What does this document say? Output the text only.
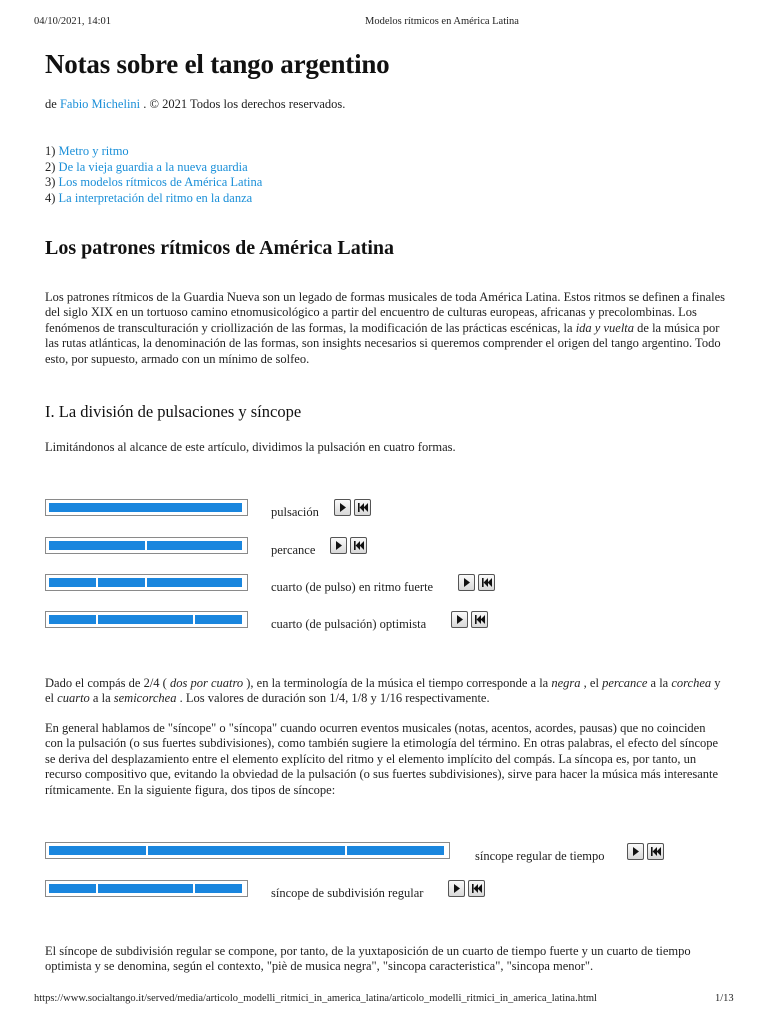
04/10/2021, 14:01	Modelos rítmicos en América Latina
Notas sobre el tango argentino
de Fabio Michelini . © 2021 Todos los derechos reservados.
1) Metro y ritmo
2) De la vieja guardia a la nueva guardia
3) Los modelos rítmicos de América Latina
4) La interpretación del ritmo en la danza
Los patrones rítmicos de América Latina
Los patrones rítmicos de la Guardia Nueva son un legado de formas musicales de toda América Latina. Estos ritmos se definen a finales del siglo XIX en un tortuoso camino etnomusicológico a partir del encuentro de culturas europeas, africanas y precolombinas. Los fenómenos de transculturación y criollización de las formas, la modificación de las prácticas escénicas, la ida y vuelta de la música por las rutas atlánticas, la denominación de las formas, son insights necesarios si queremos comprender el origen del tango argentino. Todo esto, por supuesto, armado con un mínimo de solfeo.
I. La división de pulsaciones y síncope
Limitándonos al alcance de este artículo, dividimos la pulsación en cuatro formas.
pulsación
percance
cuarto (de pulso) en ritmo fuerte
cuarto (de pulsación) optimista
Dado el compás de 2/4 ( dos por cuatro ), en la terminología de la música el tiempo corresponde a la negra , el percance a la corchea y el cuarto a la semicorchea . Los valores de duración son 1/4, 1/8 y 1/16 respectivamente.
En general hablamos de "síncope" o "síncopa" cuando ocurren eventos musicales (notas, acentos, acordes, pausas) que no coinciden con la pulsación (o sus fuertes subdivisiones), como también sugiere la etimología del término. En otras palabras, el efecto del síncope se deriva del desplazamiento entre el elemento explícito del ritmo y el elemento implícito del compás. La síncopa es, por tanto, un recurso compositivo que, evitando la obviedad de la pulsación (o sus fuertes subdivisiones), sirve para hacer la música más interesante rítmicamente. En la siguiente figura, dos tipos de síncope:
síncope regular de tiempo
síncope de subdivisión regular
El síncope de subdivisión regular se compone, por tanto, de la yuxtaposición de un cuarto de tiempo fuerte y un cuarto de tiempo optimista y se denomina, según el contexto, "piè de musica negra", "sincopa caracteristica", "sincopa menor".
https://www.socialtango.it/served/media/articolo_modelli_ritmici_in_america_latina/articolo_modelli_ritmici_in_america_latina.html	1/13
